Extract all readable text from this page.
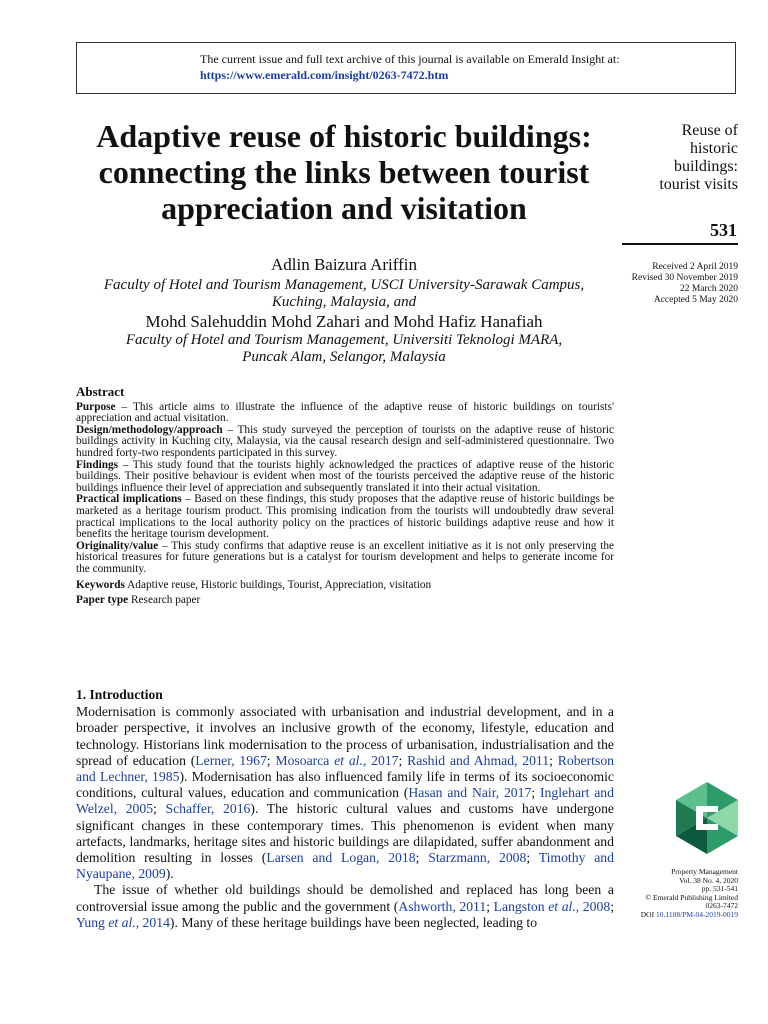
The current issue and full text archive of this journal is available on Emerald Insight at:
https://www.emerald.com/insight/0263-7472.htm
Adaptive reuse of historic buildings: connecting the links between tourist appreciation and visitation
Reuse of
historic
buildings:
tourist visits
531
Received 2 April 2019
Revised 30 November 2019
22 March 2020
Accepted 5 May 2020
Adlin Baizura Ariffin
Faculty of Hotel and Tourism Management, USCI University-Sarawak Campus,
Kuching, Malaysia, and
Mohd Salehuddin Mohd Zahari and Mohd Hafiz Hanafiah
Faculty of Hotel and Tourism Management, Universiti Teknologi MARA,
Puncak Alam, Selangor, Malaysia
Abstract

Purpose – This article aims to illustrate the influence of the adaptive reuse of historic buildings on tourists' appreciation and actual visitation.

Design/methodology/approach – This study surveyed the perception of tourists on the adaptive reuse of historic buildings activity in Kuching city, Malaysia, via the causal research design and self-administered questionnaire. Two hundred forty-two respondents participated in this survey.

Findings – This study found that the tourists highly acknowledged the practices of adaptive reuse of the historic buildings. Their positive behaviour is evident when most of the tourists perceived the adaptive reuse of the historic buildings influence their level of appreciation and subsequently translated it into their actual visitation.

Practical implications – Based on these findings, this study proposes that the adaptive reuse of historic buildings be marketed as a heritage tourism product. This promising indication from the tourists will undoubtedly draw several practical implications to the local authority policy on the practices of historic buildings adaptive reuse and how it benefits the heritage tourism development.

Originality/value – This study confirms that adaptive reuse is an excellent initiative as it is not only preserving the historical treasures for future generations but is a catalyst for tourism development and helps to generate income for the community.

Keywords Adaptive reuse, Historic buildings, Tourist, Appreciation, visitation

Paper type Research paper

1. Introduction

Modernisation is commonly associated with urbanisation and industrial development, and in a broader perspective, it involves an inclusive growth of the economy, lifestyle, education and technology. Historians link modernisation to the process of urbanisation, industrialisation and the spread of education (Lerner, 1967; Mosoarca et al., 2017; Rashid and Ahmad, 2011; Robertson and Lechner, 1985). Modernisation has also influenced family life in terms of its socioeconomic conditions, cultural values, education and communication (Hasan and Nair, 2017; Inglehart and Welzel, 2005; Schaffer, 2016). The historic cultural values and customs have undergone significant changes in these contemporary times. This phenomenon is evident when many artefacts, landmarks, heritage sites and historic buildings are dilapidated, suffer abandonment and demolition resulting in losses (Larsen and Logan, 2018; Starzmann, 2008; Timothy and Nyaupane, 2009).

The issue of whether old buildings should be demolished and replaced has long been a controversial issue among the public and the government (Ashworth, 2011; Langston et al., 2008; Yung et al., 2014). Many of these heritage buildings have been neglected, leading to

Property Management
Vol. 38 No. 4, 2020
pp. 531-541
© Emerald Publishing Limited
0263-7472
DOI 10.1108/PM-04-2019-0019
